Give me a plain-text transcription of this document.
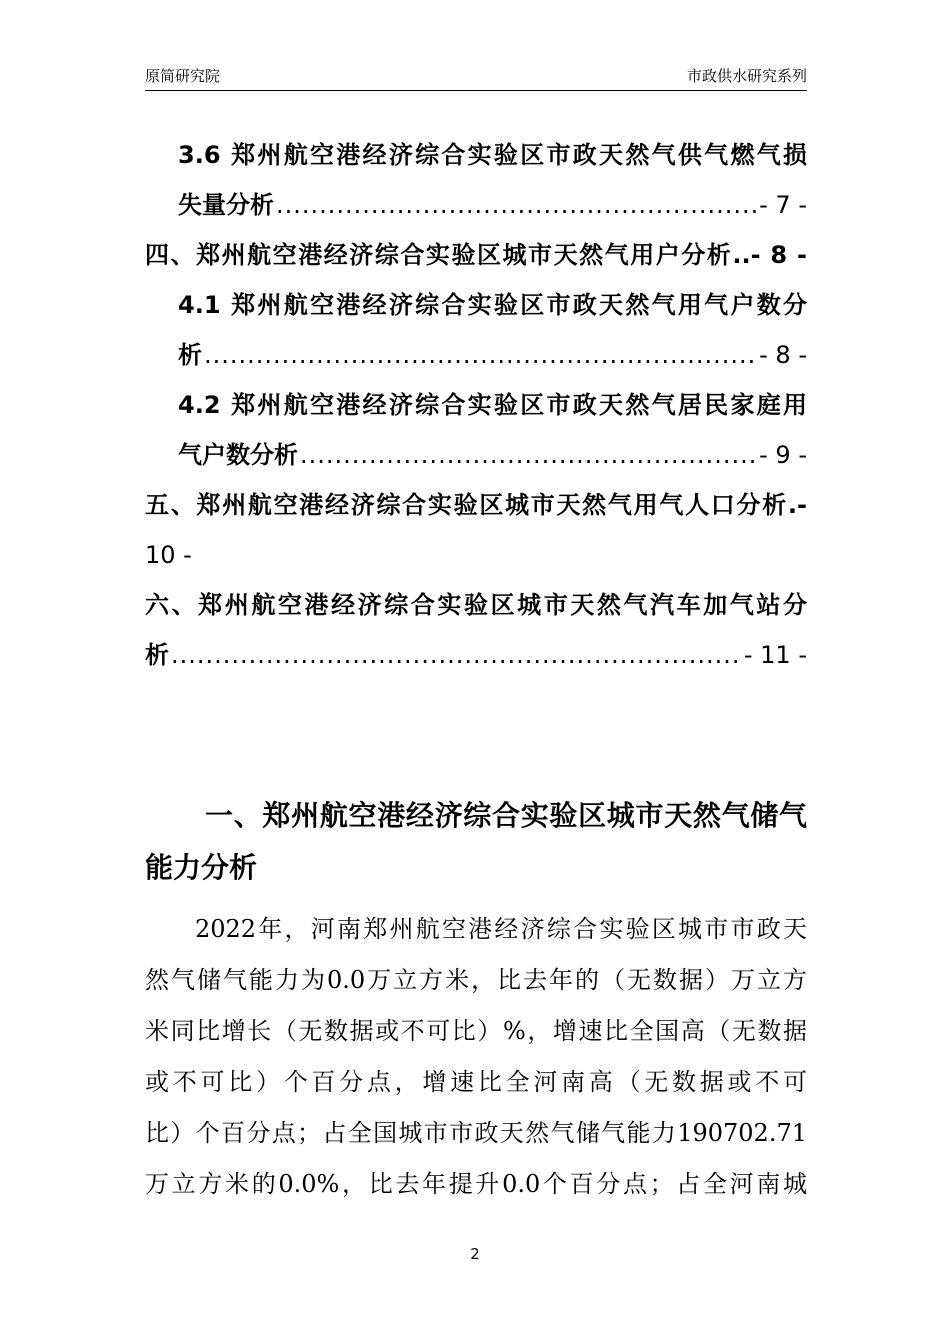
原简研究院	市政供水研究系列
3.6 郑州航空港经济综合实验区市政天然气供气燃气损
失量分析 .....	- 7 -
四、郑州航空港经济综合实验区城市天然气用户分析..- 8 -
4.1 郑州航空港经济综合实验区市政天然气用气户数分
析 .....	- 8 -
4.2 郑州航空港经济综合实验区市政天然气居民家庭用
气户数分析 .....	- 9 -
五、郑州航空港经济综合实验区城市天然气用气人口分析.-
10 -
六、郑州航空港经济综合实验区城市天然气汽车加气站分
析 .....	- 11 -
一、郑州航空港经济综合实验区城市天然气储气
能力分析
2022年，河南郑州航空港经济综合实验区城市市政天
然气储气能力为0.0万立方米，比去年的（无数据）万立方
米同比增长（无数据或不可比）%，增速比全国高（无数据
或不可比）个百分点，增速比全河南高（无数据或不可
比）个百分点；占全国城市市政天然气储气能力190702.71
万立方米的0.0%，比去年提升0.0个百分点；占全河南城
2
